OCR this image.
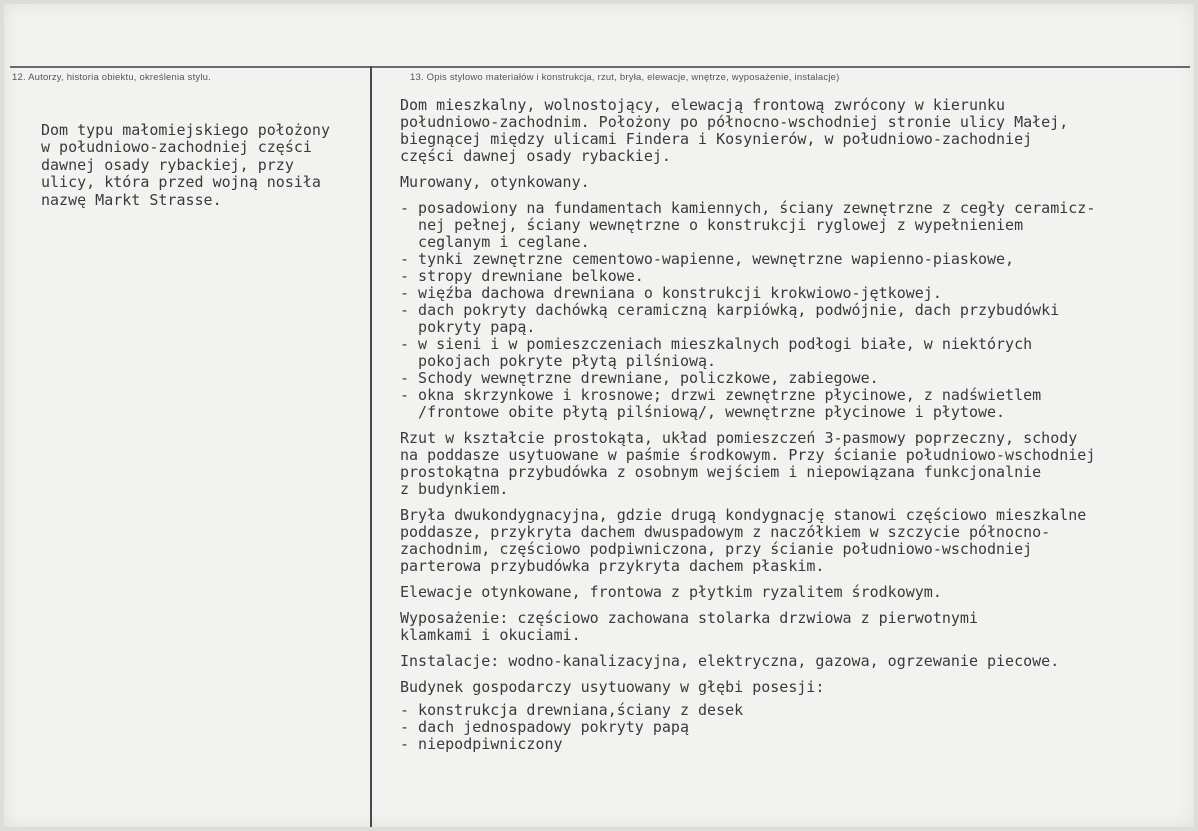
12. Autorzy, historia obiektu, określenia stylu.	13. Opis stylowo materiałów i konstrukcja, rzut, bryła, elewacje, wnętrze, wyposażenie, instalacje)

Dom typu małomiejskiego położony
w południowo-zachodniej części
dawnej osady rybackiej, przy
ulicy, która przed wojną nosiła
nazwę Markt Strasse.
Dom mieszkalny, wolnostojący, elewacją frontową zwrócony w kierunku
południowo-zachodnim. Położony po północno-wschodniej stronie ulicy Małej,
biegnącej między ulicami Findera i Kosynierów, w południowo-zachodniej
części dawnej osady rybackiej.
Murowany, otynkowany.
- posadowiony na fundamentach kamiennych, ściany zewnętrzne z cegły ceramicz-
nej pełnej, ściany wewnętrzne o konstrukcji ryglowej z wypełnieniem
ceglanym i ceglane.
- tynki zewnętrzne cementowo-wapienne, wewnętrzne wapienno-piaskowe,
- stropy drewniane belkowe.
- więźba dachowa drewniana o konstrukcji krokwiowo-jętkowej.
- dach pokryty dachówką ceramiczną karpiówką, podwójnie, dach przybudówki
pokryty papą.
- w sieni i w pomieszczeniach mieszkalnych podłogi białe, w niektórych
pokojach pokryte płytą pilśniową.
- Schody wewnętrzne drewniane, policzkowe, zabiegowe.
- okna skrzynkowe i krosnowe; drzwi zewnętrzne płycinowe, z nadświetlem
/frontowe obite płytą pilśniową/, wewnętrzne płycinowe i płytowe.
Rzut w kształcie prostokąta, układ pomieszczeń 3-pasmowy poprzeczny, schody
na poddasze usytuowane w paśmie środkowym. Przy ścianie południowo-wschodniej
prostokątna przybudówka z osobnym wejściem i niepowiązana funkcjonalnie
z budynkiem.
Bryła dwukondygnacyjna, gdzie drugą kondygnację stanowi częściowo mieszkalne
poddasze, przykryta dachem dwuspadowym z naczółkiem w szczycie północno-
zachodnim, częściowo podpiwniczona, przy ścianie południowo-wschodniej
parterowa przybudówka przykryta dachem płaskim.
Elewacje otynkowane, frontowa z płytkim ryzalitem środkowym.
Wyposażenie: częściowo zachowana stolarka drzwiowa z pierwotnymi
klamkami i okuciami.
Instalacje: wodno-kanalizacyjna, elektryczna, gazowa, ogrzewanie piecowe.
Budynek gospodarczy usytuowany w głębi posesji:
- konstrukcja drewniana,ściany z desek
- dach jednospadowy pokryty papą
- niepodpiwniczony
